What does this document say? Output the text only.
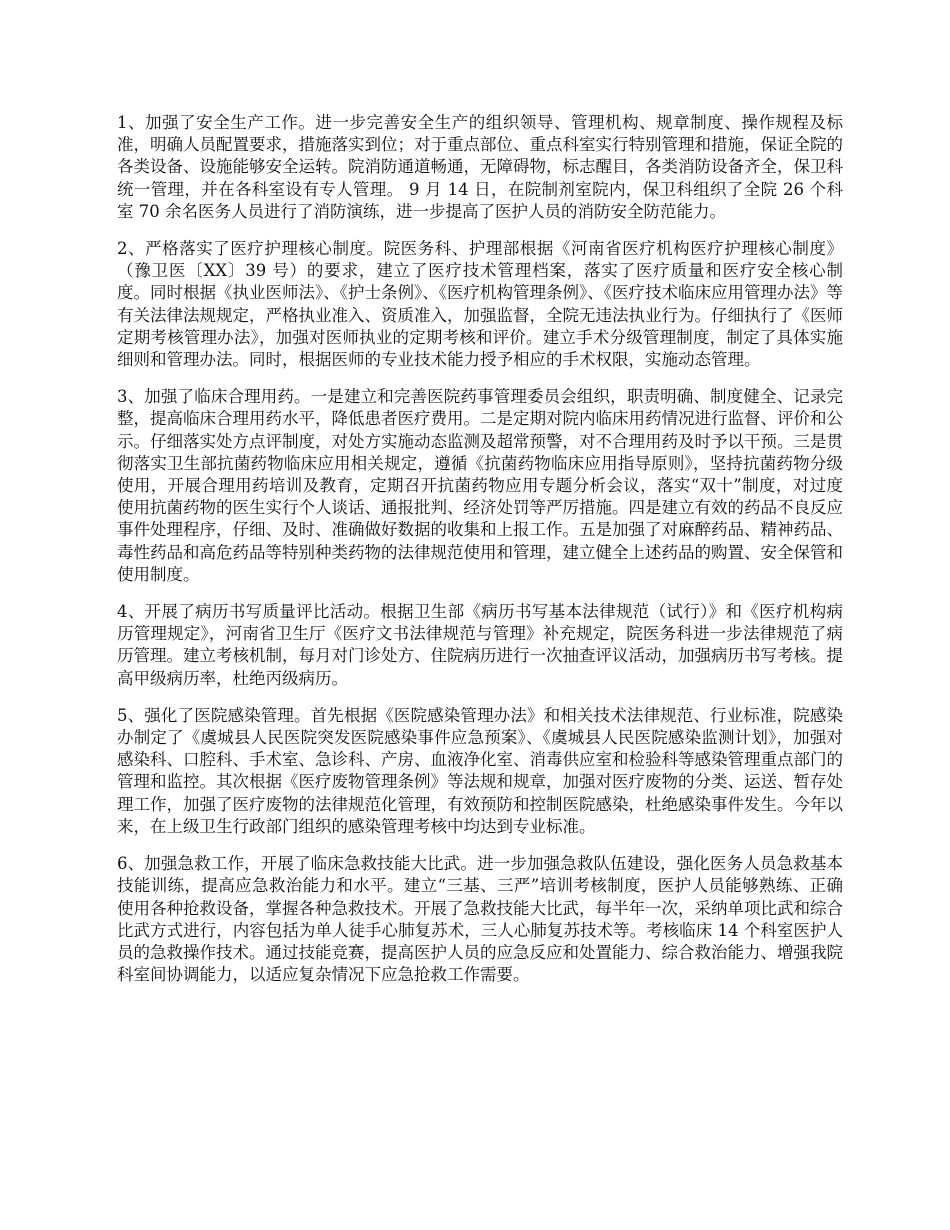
1、加强了安全生产工作。进一步完善安全生产的组织领导、管理机构、规章制度、操作规程及标准，明确人员配置要求，措施落实到位；对于重点部位、重点科室实行特别管理和措施，保证全院的各类设备、设施能够安全运转。院消防通道畅通，无障碍物，标志醒目，各类消防设备齐全，保卫科统一管理，并在各科室设有专人管理。 9 月 14 日，在院制剂室院内，保卫科组织了全院 26 个科室 70 余名医务人员进行了消防演练，进一步提高了医护人员的消防安全防范能力。

2、严格落实了医疗护理核心制度。院医务科、护理部根据《河南省医疗机构医疗护理核心制度》（豫卫医〔XX〕39 号）的要求，建立了医疗技术管理档案，落实了医疗质量和医疗安全核心制度。同时根据《执业医师法》、《护士条例》、《医疗机构管理条例》、《医疗技术临床应用管理办法》等有关法律法规规定，严格执业准入、资质准入，加强监督，全院无违法执业行为。仔细执行了《医师定期考核管理办法》，加强对医师执业的定期考核和评价。建立手术分级管理制度，制定了具体实施细则和管理办法。同时，根据医师的专业技术能力授予相应的手术权限，实施动态管理。

3、加强了临床合理用药。一是建立和完善医院药事管理委员会组织，职责明确、制度健全、记录完整，提高临床合理用药水平，降低患者医疗费用。二是定期对院内临床用药情况进行监督、评价和公示。仔细落实处方点评制度，对处方实施动态监测及超常预警，对不合理用药及时予以干预。三是贯彻落实卫生部抗菌药物临床应用相关规定，遵循《抗菌药物临床应用指导原则》，坚持抗菌药物分级使用，开展合理用药培训及教育，定期召开抗菌药物应用专题分析会议，落实“双十”制度，对过度使用抗菌药物的医生实行个人谈话、通报批判、经济处罚等严厉措施。四是建立有效的药品不良反应事件处理程序，仔细、及时、准确做好数据的收集和上报工作。五是加强了对麻醉药品、精神药品、毒性药品和高危药品等特别种类药物的法律规范使用和管理，建立健全上述药品的购置、安全保管和使用制度。

4、开展了病历书写质量评比活动。根据卫生部《病历书写基本法律规范（试行）》和《医疗机构病历管理规定》，河南省卫生厅《医疗文书法律规范与管理》补充规定，院医务科进一步法律规范了病历管理。建立考核机制，每月对门诊处方、住院病历进行一次抽查评议活动，加强病历书写考核。提高甲级病历率，杜绝丙级病历。

5、强化了医院感染管理。首先根据《医院感染管理办法》和相关技术法律规范、行业标准，院感染办制定了《虞城县人民医院突发医院感染事件应急预案》、《虞城县人民医院感染监测计划》，加强对感染科、口腔科、手术室、急诊科、产房、血液净化室、消毒供应室和检验科等感染管理重点部门的管理和监控。其次根据《医疗废物管理条例》等法规和规章，加强对医疗废物的分类、运送、暂存处理工作，加强了医疗废物的法律规范化管理，有效预防和控制医院感染，杜绝感染事件发生。今年以来，在上级卫生行政部门组织的感染管理考核中均达到专业标准。

6、加强急救工作，开展了临床急救技能大比武。进一步加强急救队伍建设，强化医务人员急救基本技能训练，提高应急救治能力和水平。建立“三基、三严”培训考核制度，医护人员能够熟练、正确使用各种抢救设备，掌握各种急救技术。开展了急救技能大比武，每半年一次，采纳单项比武和综合比武方式进行，内容包括为单人徒手心肺复苏术，三人心肺复苏技术等。考核临床 14 个科室医护人员的急救操作技术。通过技能竞赛，提高医护人员的应急反应和处置能力、综合救治能力、增强我院科室间协调能力，以适应复杂情况下应急抢救工作需要。
